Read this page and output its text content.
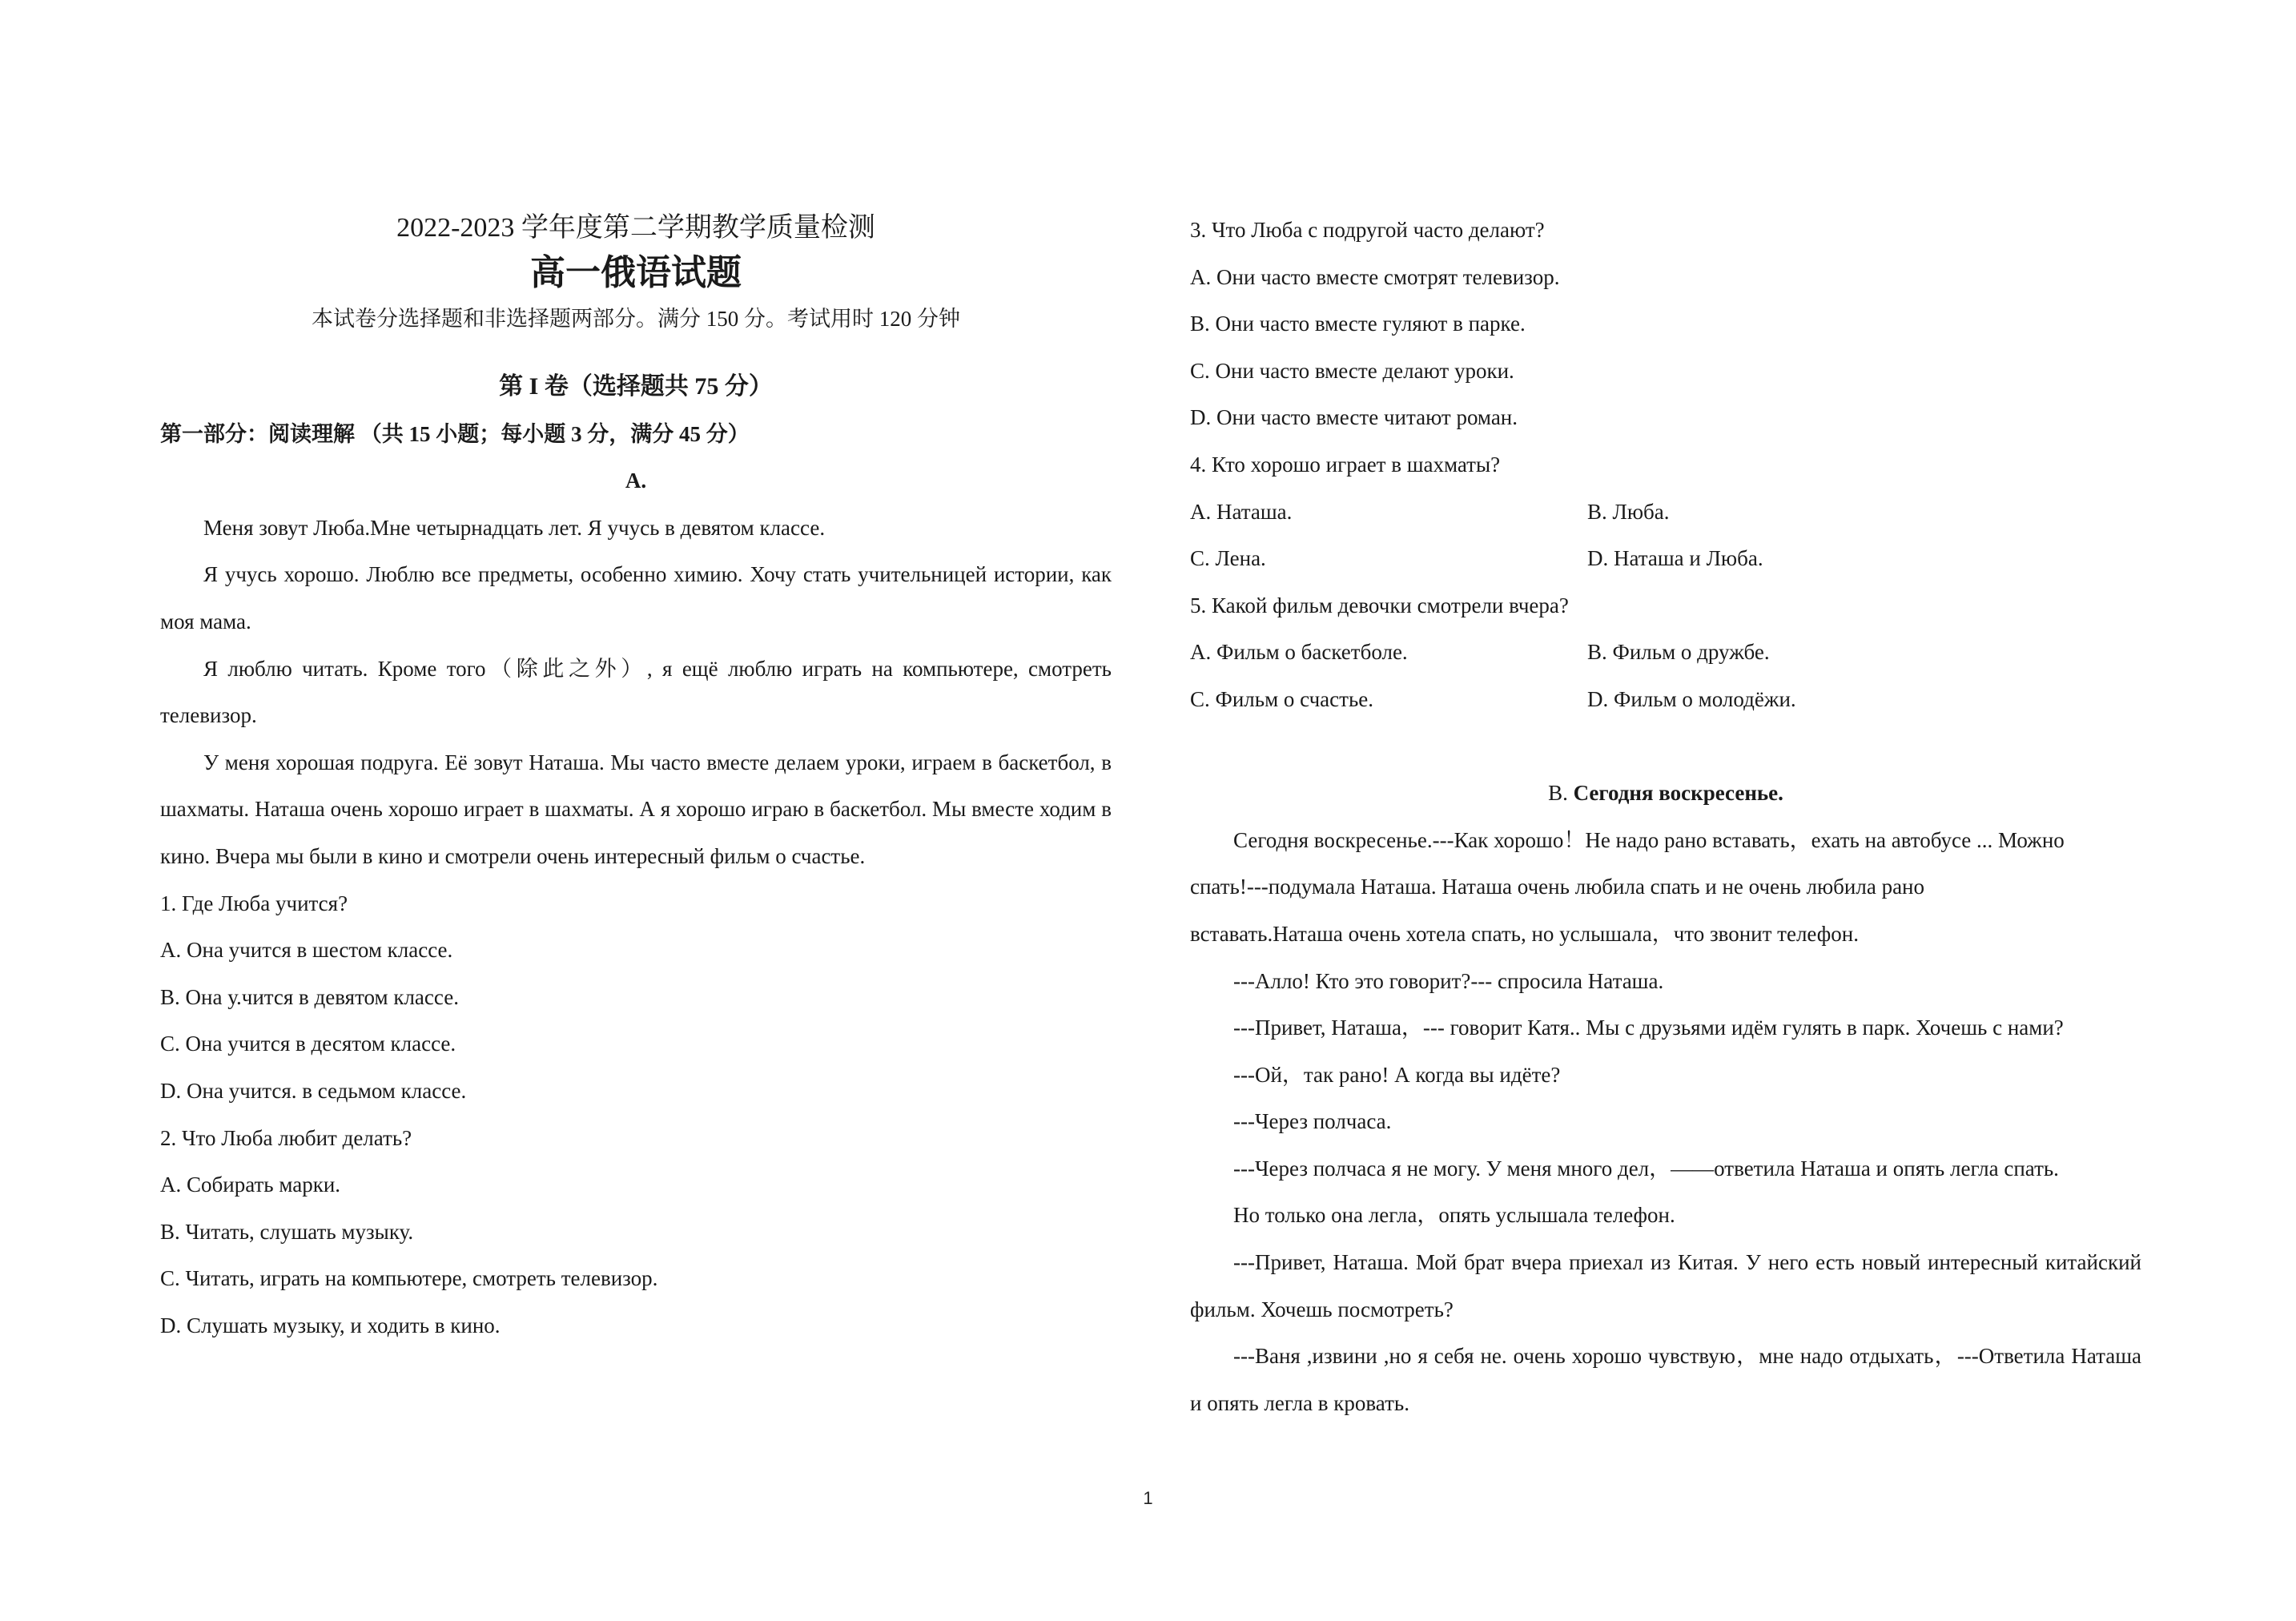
2022-2023 学年度第二学期教学质量检测
高一俄语试题
本试卷分选择题和非选择题两部分。满分 150 分。考试用时 120 分钟
第 I 卷（选择题共 75 分）
第一部分：阅读理解 （共 15 小题；每小题 3 分，满分 45 分）
A.

Меня зовут Люба.Мне четырнадцать лет. Я учусь в девятом классе.

Я учусь хорошо. Люблю все предметы, особенно химию. Хочу стать учительницей истории, как моя мама.

Я люблю читать. Кроме того（除此之外）, я ещё люблю играть на компьютере, смотреть телевизор.

У меня хорошая подруга. Её зовут Наташа. Мы часто вместе делаем уроки, играем в баскетбол, в шахматы. Наташа очень хорошо играет в шахматы. А я хорошо играю в баскетбол. Мы вместе ходим в кино. Вчера мы были в кино и смотрели очень интересный фильм о счастье.

1. Где Люба учится?
A. Она учится в шестом классе.
B. Она у.чится в девятом классе.
C. Она учится в десятом классе.
D. Она учится. в седьмом классе.
2. Что Люба любит делать?
A. Собирать марки.
B. Читать, слушать музыку.
C. Читать, играть на компьютере, смотреть телевизор.
D. Слушать музыку, и ходить в кино.
3. Что Люба с подругой часто делают?
A. Они часто вместе смотрят телевизор.
B. Они часто вместе гуляют в парке.
C. Они часто вместе делают уроки.
D. Они часто вместе читают роман.
4. Кто хорошо играет в шахматы?
A. Наташа.	B. Люба.
C. Лена.	D. Наташа и Люба.
5. Какой фильм девочки смотрели вчера?
A. Фильм о баскетболе.	B. Фильм о дружбе.
C. Фильм о счастье.	D. Фильм о молодёжи.
B. Сегодня воскресенье.
Сегодня воскресенье.---Как хорошо！Не надо рано вставать，ехать на автобусе ... Можно
спать!---подумала Наташа. Наташа очень любила спать и не очень любила рано
вставать.Наташа очень хотела спать, но услышала，что звонит телефон.
---Алло! Кто это говорит?--- спросила Наташа.
---Привет, Наташа，--- говорит Катя.. Мы с друзьями идём гулять в парк. Хочешь с нами?
---Ой，так рано! А когда вы идёте?
---Через полчаса.
---Через полчаса я не могу. У меня много дел，——ответила Наташа и опять легла спать.
Но только она легла，опять услышала телефон.

---Привет, Наташа. Мой брат вчера приехал из Китая. У него есть новый интересный китайский фильм. Хочешь посмотреть?

---Ваня ,извини ,но я себя не. очень хорошо чувствую，мне надо отдыхать，---Ответила Наташа и опять легла в кровать.

1
